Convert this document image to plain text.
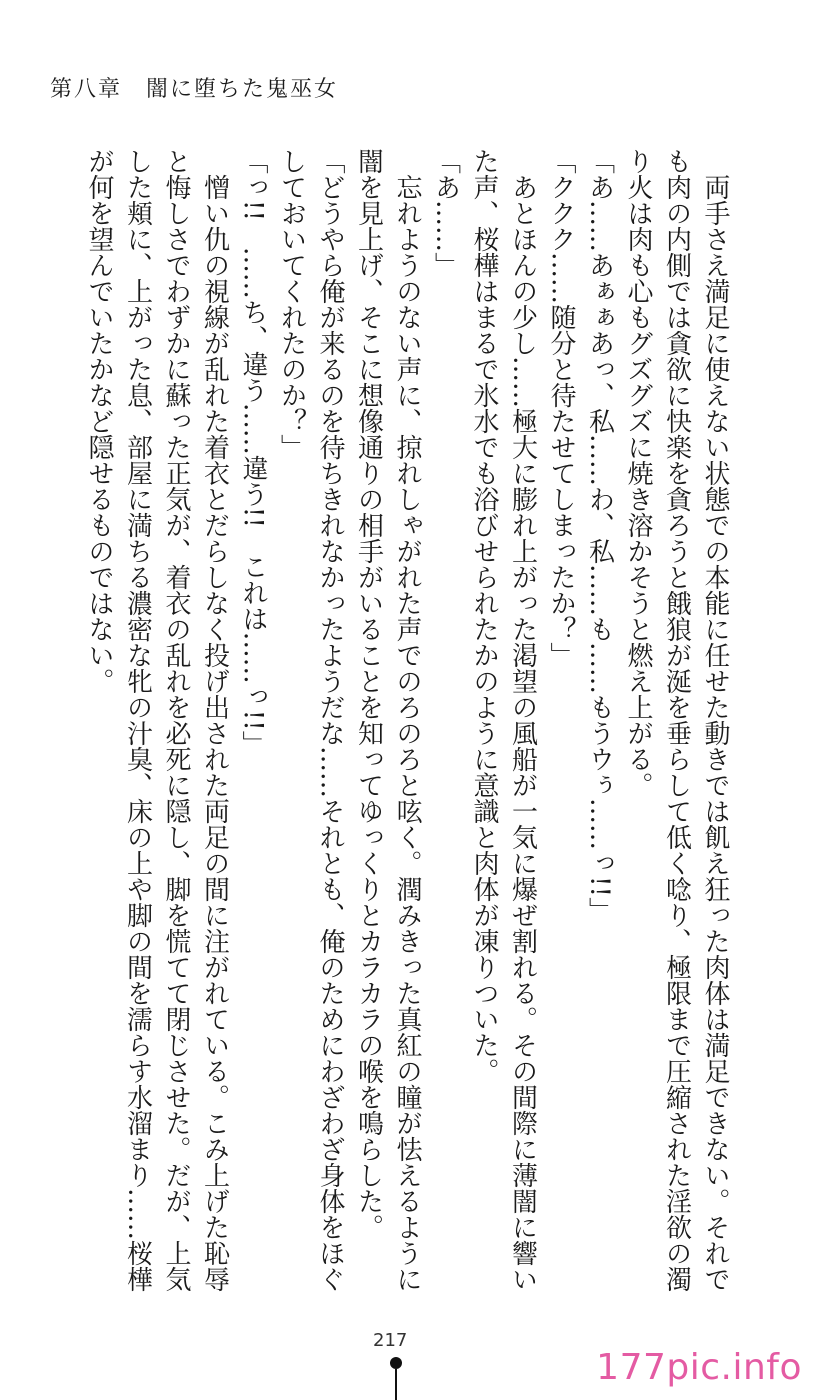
第八章　闇に堕ちた鬼巫女

　両手さえ満足に使えない状態での本能に任せた動きでは飢え狂った肉体は満足できない。それでも肉の内側では貪欲に快楽を貪ろうと餓狼が涎を垂らして低く唸り、極限まで圧縮された淫欲の濁り火は肉も心もグズグズに焼き溶かそうと燃え上がる。

「あ……あぁぁあっ、私……わ、私……も……もうウぅ……っ!!」

「ククク……随分と待たせてしまったか？」

　あとほんの少し……極大に膨れ上がった渇望の風船が一気に爆ぜ割れる。その間際に薄闇に響いた声、桜樺はまるで氷水でも浴びせられたかのように意識と肉体が凍りついた。

「あ……」

　忘れようのない声に、掠れしゃがれた声でのろのろと呟く。潤みきった真紅の瞳が怯えるように闇を見上げ、そこに想像通りの相手がいることを知ってゆっくりとカラカラの喉を鳴らした。

「どうやら俺が来るのを待ちきれなかったようだな……それとも、俺のためにわざわざ身体をほぐしておいてくれたのか？」

「っ!!　……ち、違う……違う!!　これは……っ!!」

　憎い仇の視線が乱れた着衣とだらしなく投げ出された両足の間に注がれている。こみ上げた恥辱と悔しさでわずかに蘇った正気が、着衣の乱れを必死に隠し、脚を慌てて閉じさせた。だが、上気した頬に、上がった息、部屋に満ちる濃密な牝の汁臭、床の上や脚の間を濡らす水溜まり……桜樺が何を望んでいたかなど隠せるものではない。

217
177pic.info
